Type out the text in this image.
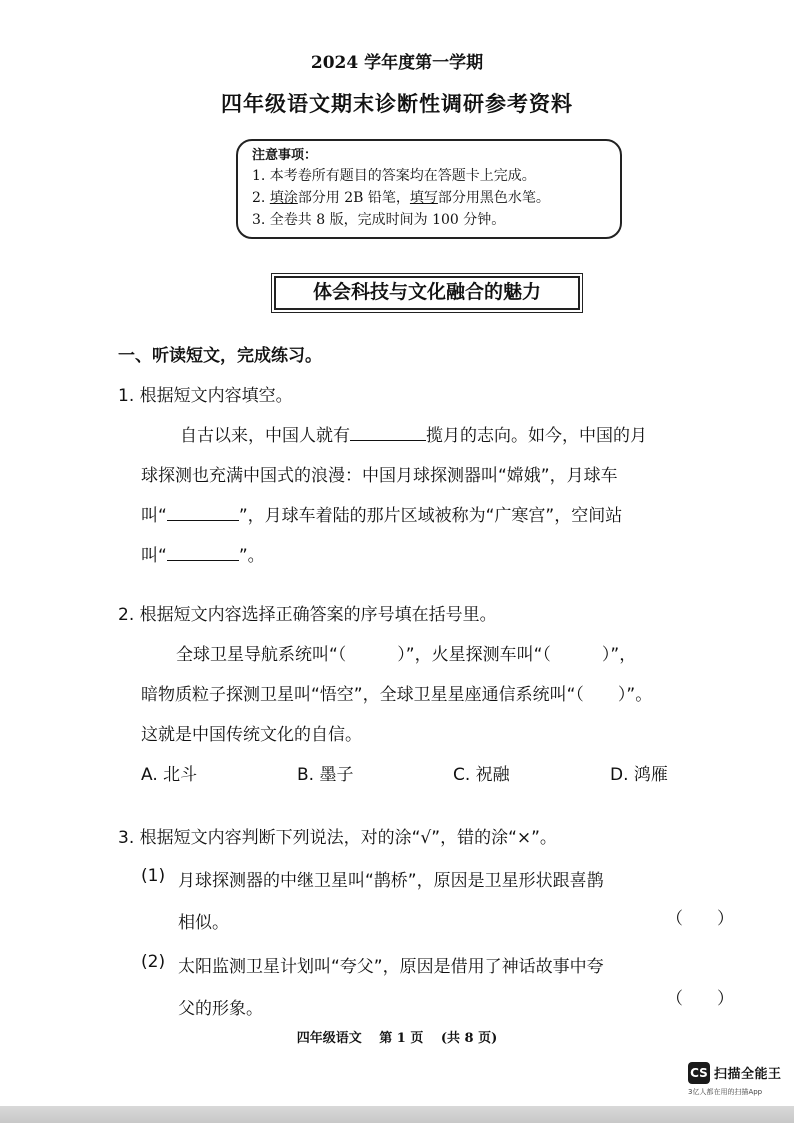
2024 学年度第一学期
四年级语文期末诊断性调研参考资料
注意事项：
1. 本考卷所有题目的答案均在答题卡上完成。
2. 填涂部分用 2B 铅笔，填写部分用黑色水笔。
3. 全卷共 8 版，完成时间为 100 分钟。
体会科技与文化融合的魅力
一、听读短文，完成练习。
1. 根据短文内容填空。
自古以来，中国人就有	揽月的志向。如今，中国的月
球探测也充满中国式的浪漫：中国月球探测器叫“嫦娥”，月球车
叫“	”，月球车着陆的那片区域被称为“广寒宫”，空间站
叫“	”。
2. 根据短文内容选择正确答案的序号填在括号里。
全球卫星导航系统叫“（　　　）”，火星探测车叫“（　　　）”，
暗物质粒子探测卫星叫“悟空”，全球卫星星座通信系统叫“（　　）”。
这就是中国传统文化的自信。
A. 北斗	B. 墨子	C. 祝融	D. 鸿雁
3. 根据短文内容判断下列说法，对的涂“√”，错的涂“×”。
(1) 月球探测器的中继卫星叫“鹊桥”，原因是卫星形状跟喜鹊
相似。	（　　）
(2) 太阳监测卫星计划叫“夸父”，原因是借用了神话故事中夸
父的形象。	（　　）
四年级语文　 第 1 页　 (共 8 页)
CS 扫描全能王
3亿人都在用的扫描App
